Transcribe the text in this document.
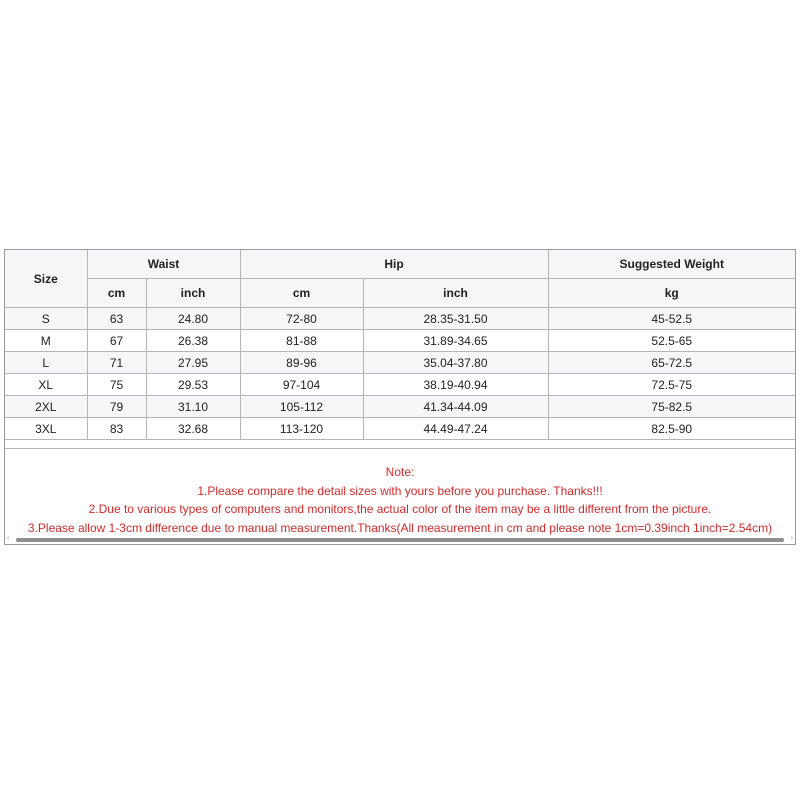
Size	Waist		Hip		Suggested Weight
	cm	inch	cm	inch	kg
S	63	24.80	72-80	28.35-31.50	45-52.5
M	67	26.38	81-88	31.89-34.65	52.5-65
L	71	27.95	89-96	35.04-37.80	65-72.5
XL	75	29.53	97-104	38.19-40.94	72.5-75
2XL	79	31.10	105-112	41.34-44.09	75-82.5
3XL	83	32.68	113-120	44.49-47.24	82.5-90
Note:
1.Please compare the detail sizes with yours before you purchase. Thanks!!!
2.Due to various types of computers and monitors,the actual color of the item may be a little different from the picture.
3.Please allow 1-3cm difference due to manual measurement.Thanks(All measurement in cm and please note 1cm=0.39inch 1inch=2.54cm)
‹	›
